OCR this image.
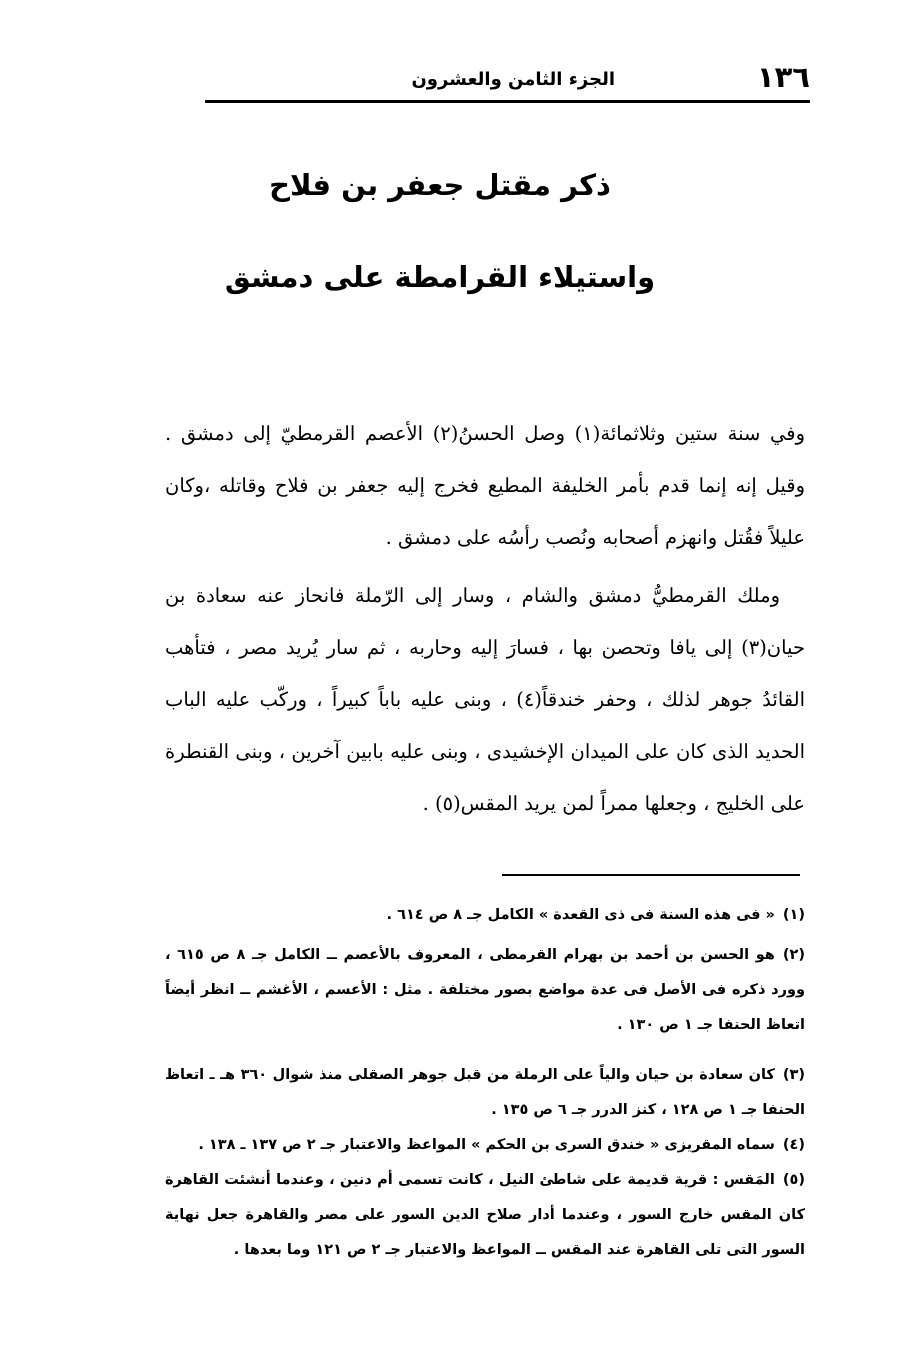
١٣٦
الجزء الثامن والعشرون
ذكر مقتل جعفر بن فلاح
واستيلاء القرامطة على دمشق
وفي سنة ستين وثلاثمائة(١) وصل الحسنُ(٢) الأعصم القرمطيّ إلى دمشق . وقيل إنه إنما قدم بأمر الخليفة المطيع فخرج إليه جعفر بن فلاح وقاتله ،وكان عليلاً فقُتل وانهزم أصحابه ونُصب رأسُه على دمشق .
وملك القرمطيُّ دمشق والشام ، وسار إلى الرّملة فانحاز عنه سعادة بن حيان(٣) إلى يافا وتحصن بها ، فسارَ إليه وحاربه ، ثم سار يُريد مصر ، فتأهب القائدُ جوهر لذلك ، وحفر خندقاً(٤) ، وبنى عليه باباً كبيراً ، وركّب عليه الباب الحديد الذى كان على الميدان الإخشيدى ، وبنى عليه بابين آخرين ، وبنى القنطرة على الخليج ، وجعلها ممراً لمن يريد المقس(٥) .
(١)« فى هذه السنة فى ذى القعدة » الكامل جـ ٨ ص ٦١٤ .
(٢)هو الحسن بن أحمد بن بهرام القرمطى ، المعروف بالأعصم ــ الكامل جـ ٨ ص ٦١٥ ، وورد ذكره فى الأصل فى عدة مواضع بصور مختلفة . مثل : الأعسم ، الأغشم ــ انظر أيضاً اتعاظ الحنفا جـ ١ ص ١٣٠ .
(٣)كان سعادة بن حيان والياً على الرملة من قبل جوهر الصقلى منذ شوال ٣٦٠ هـ ـ اتعاظ الحنفا جـ ١ ص ١٢٨ ، كنز الدرر جـ ٦ ص ١٣٥ .
(٤)سماه المقريزى « خندق السرى بن الحكم » المواعظ والاعتبار جـ ٢ ص ١٣٧ ـ ١٣٨ .
(٥)المَقس : قرية قديمة على شاطئ النيل ، كانت تسمى أم دنين ، وعندما أنشئت القاهرة كان المقس خارج السور ، وعندما أدار صلاح الدين السور على مصر والقاهرة جعل نهاية السور التى تلى القاهرة عند المقس ــ المواعظ والاعتبار جـ ٢ ص ١٢١ وما بعدها .
